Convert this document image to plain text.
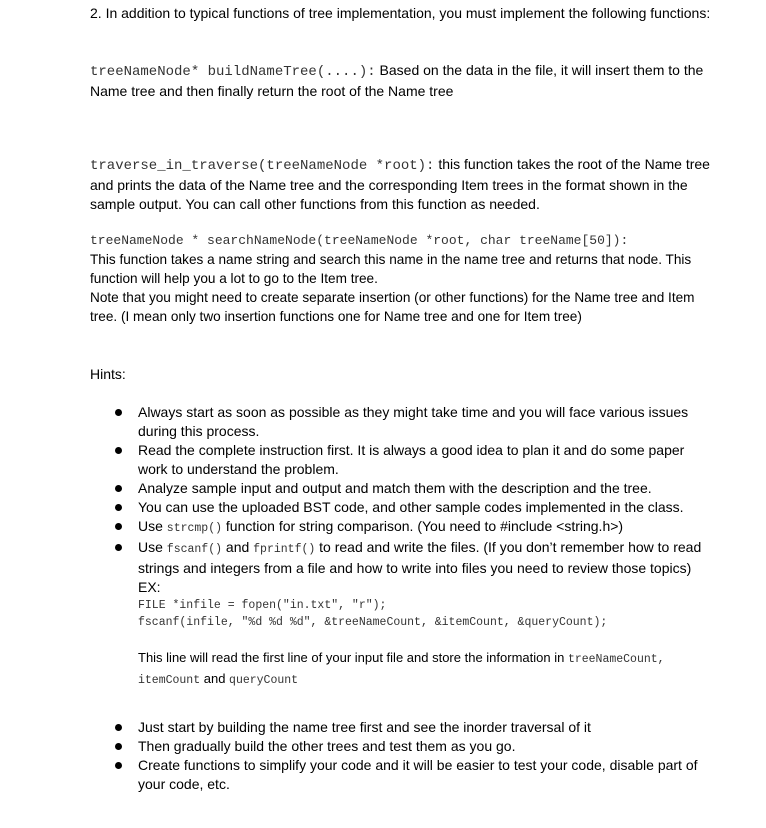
2. In addition to typical functions of tree implementation, you must implement the following functions:

treeNameNode* buildNameTree(....): Based on the data in the file, it will insert them to the Name tree and then finally return the root of the Name tree

traverse_in_traverse(treeNameNode *root): this function takes the root of the Name tree and prints the data of the Name tree and the corresponding Item trees in the format shown in the sample output. You can call other functions from this function as needed.

treeNameNode * searchNameNode(treeNameNode *root, char treeName[50]):

This function takes a name string and search this name in the name tree and returns that node. This function will help you a lot to go to the Item tree.

Note that you might need to create separate insertion (or other functions) for the Name tree and Item tree. (I mean only two insertion functions one for Name tree and one for Item tree)

Hints:

Always start as soon as possible as they might take time and you will face various issues during this process.
Read the complete instruction first. It is always a good idea to plan it and do some paper work to understand the problem.
Analyze sample input and output and match them with the description and the tree.
You can use the uploaded BST code, and other sample codes implemented in the class.
Use strcmp() function for string comparison. (You need to #include <string.h>)
Use fscanf() and fprintf() to read and write the files. (If you don’t remember how to read strings and integers from a file and how to write into files you need to review those topics)
EX:
FILE *infile = fopen("in.txt", "r");
fscanf(infile, "%d %d %d", &treeNameCount, &itemCount, &queryCount);
This line will read the first line of your input file and store the information in treeNameCount,
itemCount and queryCount
Just start by building the name tree first and see the inorder traversal of it
Then gradually build the other trees and test them as you go.
Create functions to simplify your code and it will be easier to test your code, disable part of your code, etc.
